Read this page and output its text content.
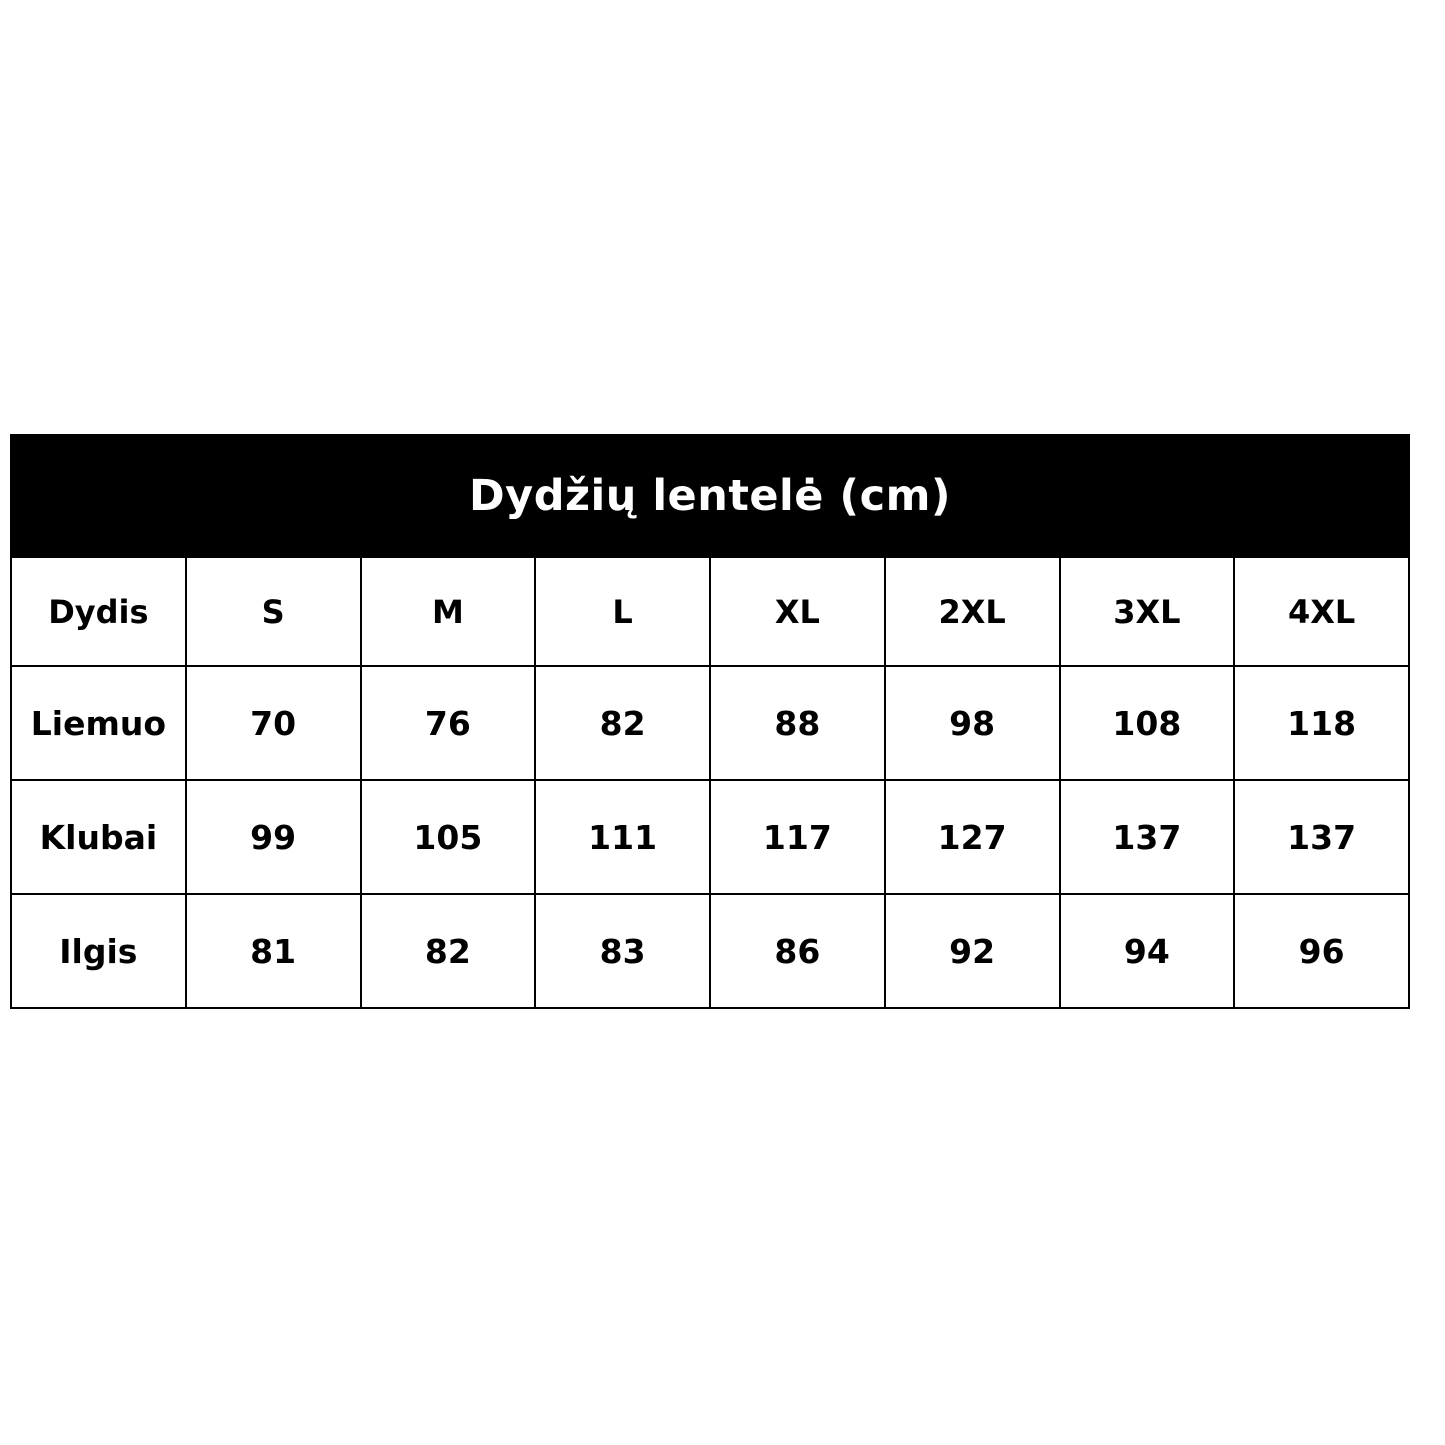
Dydžių lentelė (cm)							
Dydis	S	M	L	XL	2XL	3XL	4XL
Liemuo	70	76	82	88	98	108	118
Klubai	99	105	111	117	127	137	137
Ilgis	81	82	83	86	92	94	96
